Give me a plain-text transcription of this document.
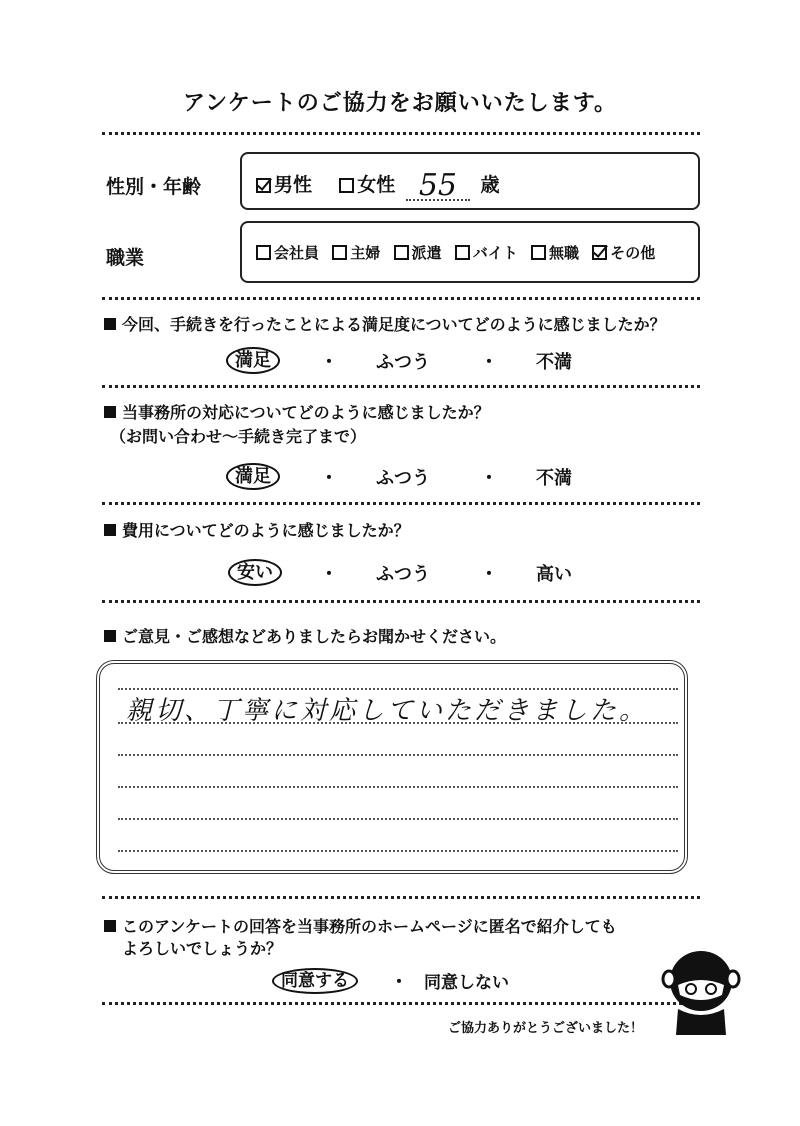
アンケートのご協力をお願いいたします。
性別・年齢	男性 女性 55 歳
職業	会社員 主婦 派遣 バイト 無職 その他
今回、手続きを行ったことによる満足度についてどのように感じましたか？
満足	・ ふつう	・ 不満
当事務所の対応についてどのように感じましたか？
（お問い合わせ～手続き完了まで）
満足	・ ふつう	・ 不満
費用についてどのように感じましたか？
安い	・ ふつう	・ 高い
ご意見・ご感想などありましたらお聞かせください。
親切、丁寧に対応していただきました。
このアンケートの回答を当事務所のホームページに匿名で紹介しても
よろしいでしょうか？
同意する	・ 同意しない
ご協力ありがとうございました！
